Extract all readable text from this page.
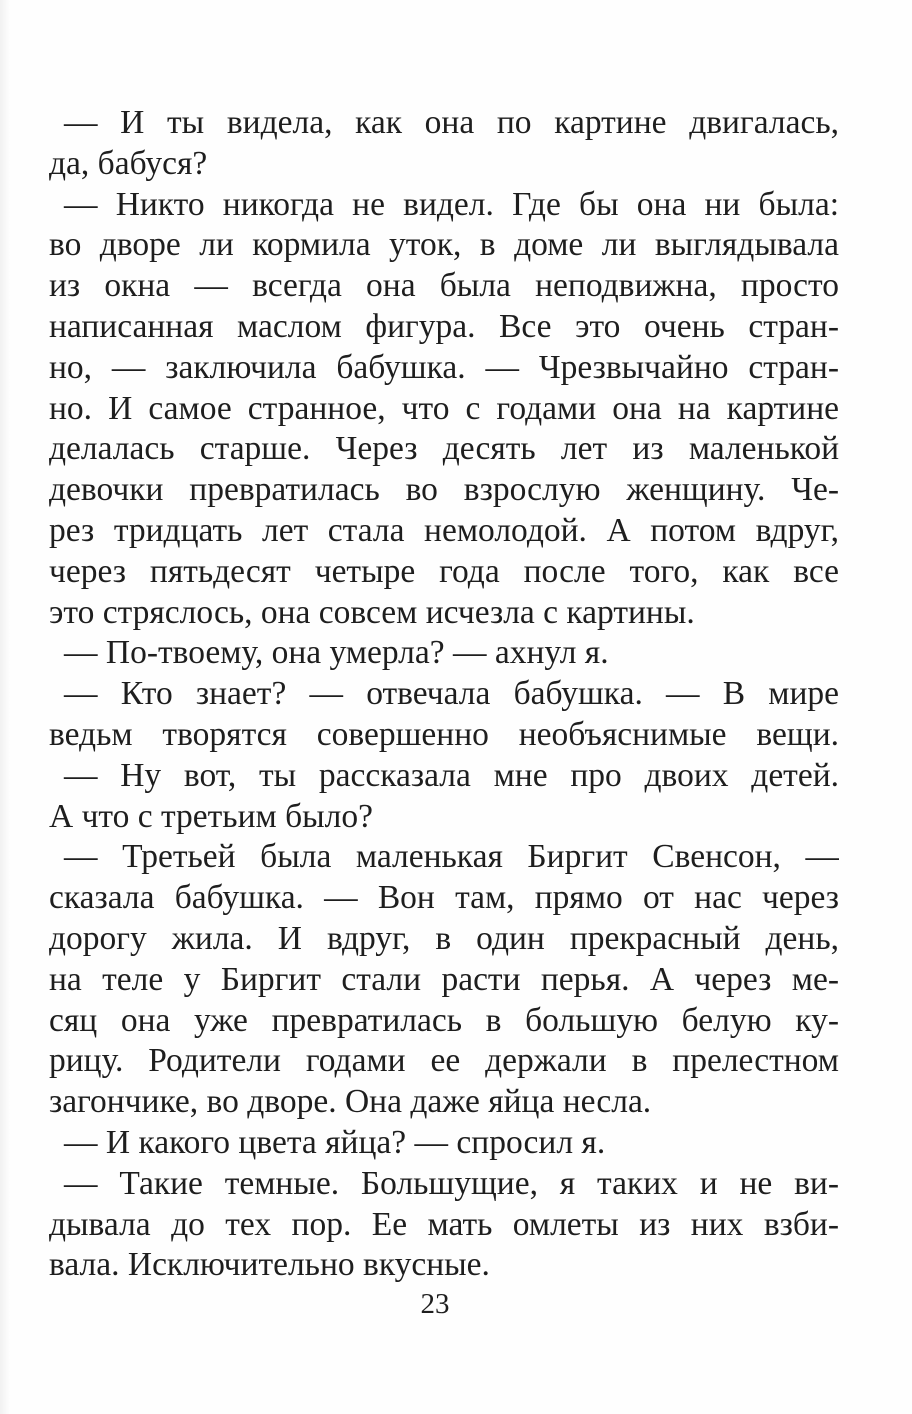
— И ты видела, как она по картине двигалась,
да, бабуся?
— Никто никогда не видел. Где бы она ни была:
во дворе ли кормила уток, в доме ли выглядывала
из окна — всегда она была неподвижна, просто
написанная маслом фигура. Все это очень стран-
но, — заключила бабушка. — Чрезвычайно стран-
но. И самое странное, что с годами она на картине
делалась старше. Через десять лет из маленькой
девочки превратилась во взрослую женщину. Че-
рез тридцать лет стала немолодой. А потом вдруг,
через пятьдесят четыре года после того, как все
это стряслось, она совсем исчезла с картины.
— По-твоему, она умерла? — ахнул я.
— Кто знает? — отвечала бабушка. — В мире
ведьм творятся совершенно необъяснимые вещи.
— Ну вот, ты рассказала мне про двоих детей.
А что с третьим было?
— Третьей была маленькая Биргит Свенсон, —
сказала бабушка. — Вон там, прямо от нас через
дорогу жила. И вдруг, в один прекрасный день,
на теле у Биргит стали расти перья. А через ме-
сяц она уже превратилась в большую белую ку-
рицу. Родители годами ее держали в прелестном
загончике, во дворе. Она даже яйца несла.
— И какого цвета яйца? — спросил я.
— Такие темные. Большущие, я таких и не ви-
дывала до тех пор. Ее мать омлеты из них взби-
вала. Исключительно вкусные.
23
